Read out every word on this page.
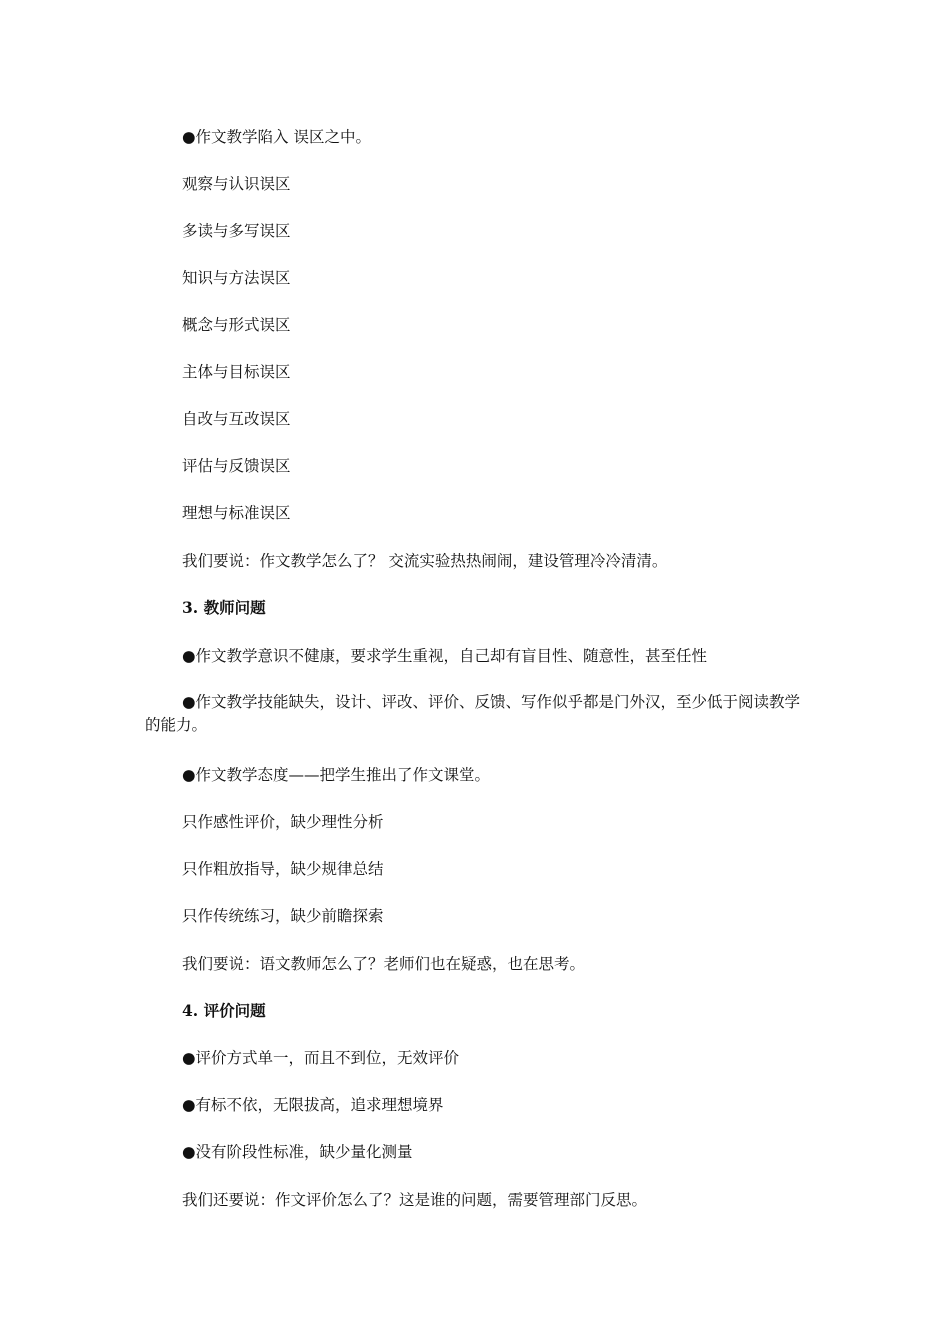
●作文教学陷入 误区之中。
观察与认识误区
多读与多写误区
知识与方法误区
概念与形式误区
主体与目标误区
自改与互改误区
评估与反馈误区
理想与标准误区
我们要说：作文教学怎么了？ 交流实验热热闹闹，建设管理冷冷清清。
3. 教师问题
●作文教学意识不健康，要求学生重视，自己却有盲目性、随意性，甚至任性
●作文教学技能缺失，设计、评改、评价、反馈、写作似乎都是门外汉，至少低于阅读教学的能力。
●作文教学态度——把学生推出了作文课堂。
只作感性评价，缺少理性分析
只作粗放指导，缺少规律总结
只作传统练习，缺少前瞻探索
我们要说：语文教师怎么了？老师们也在疑惑，也在思考。
4. 评价问题
●评价方式单一，而且不到位，无效评价
●有标不依，无限拔高，追求理想境界
●没有阶段性标准，缺少量化测量
我们还要说：作文评价怎么了？这是谁的问题，需要管理部门反思。
